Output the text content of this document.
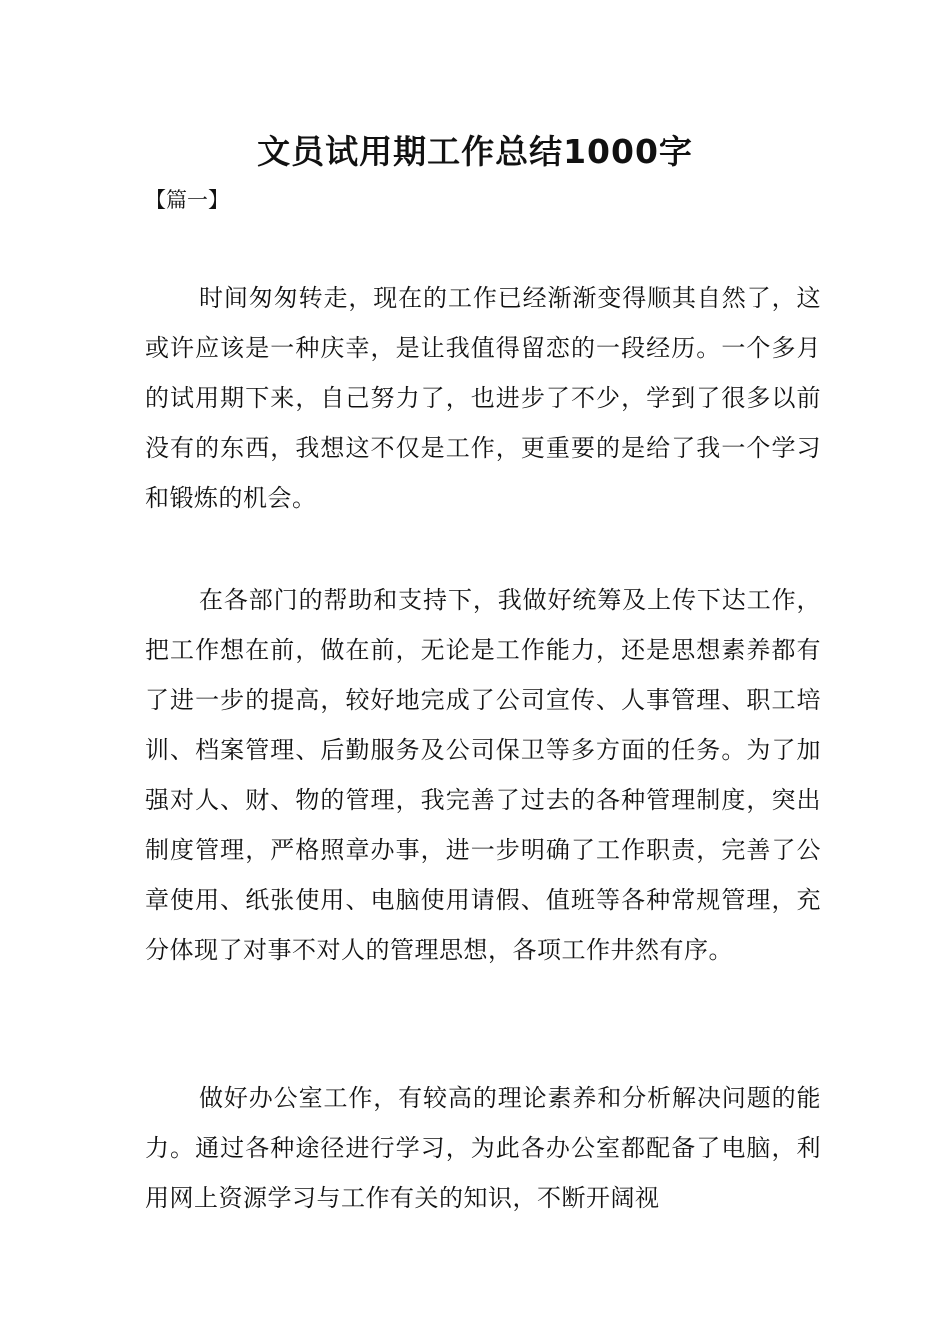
文员试用期工作总结1000字
【篇一】

时间匆匆转走，现在的工作已经渐渐变得顺其自然了，这或许应该是一种庆幸，是让我值得留恋的一段经历。一个多月的试用期下来，自己努力了，也进步了不少，学到了很多以前没有的东西，我想这不仅是工作，更重要的是给了我一个学习和锻炼的机会。

在各部门的帮助和支持下，我做好统筹及上传下达工作，把工作想在前，做在前，无论是工作能力，还是思想素养都有了进一步的提高，较好地完成了公司宣传、人事管理、职工培训、档案管理、后勤服务及公司保卫等多方面的任务。为了加强对人、财、物的管理，我完善了过去的各种管理制度，突出制度管理，严格照章办事，进一步明确了工作职责，完善了公章使用、纸张使用、电脑使用请假、值班等各种常规管理，充分体现了对事不对人的管理思想，各项工作井然有序。

做好办公室工作，有较高的理论素养和分析解决问题的能力。通过各种途径进行学习，为此各办公室都配备了电脑，利用网上资源学习与工作有关的知识，不断开阔视
